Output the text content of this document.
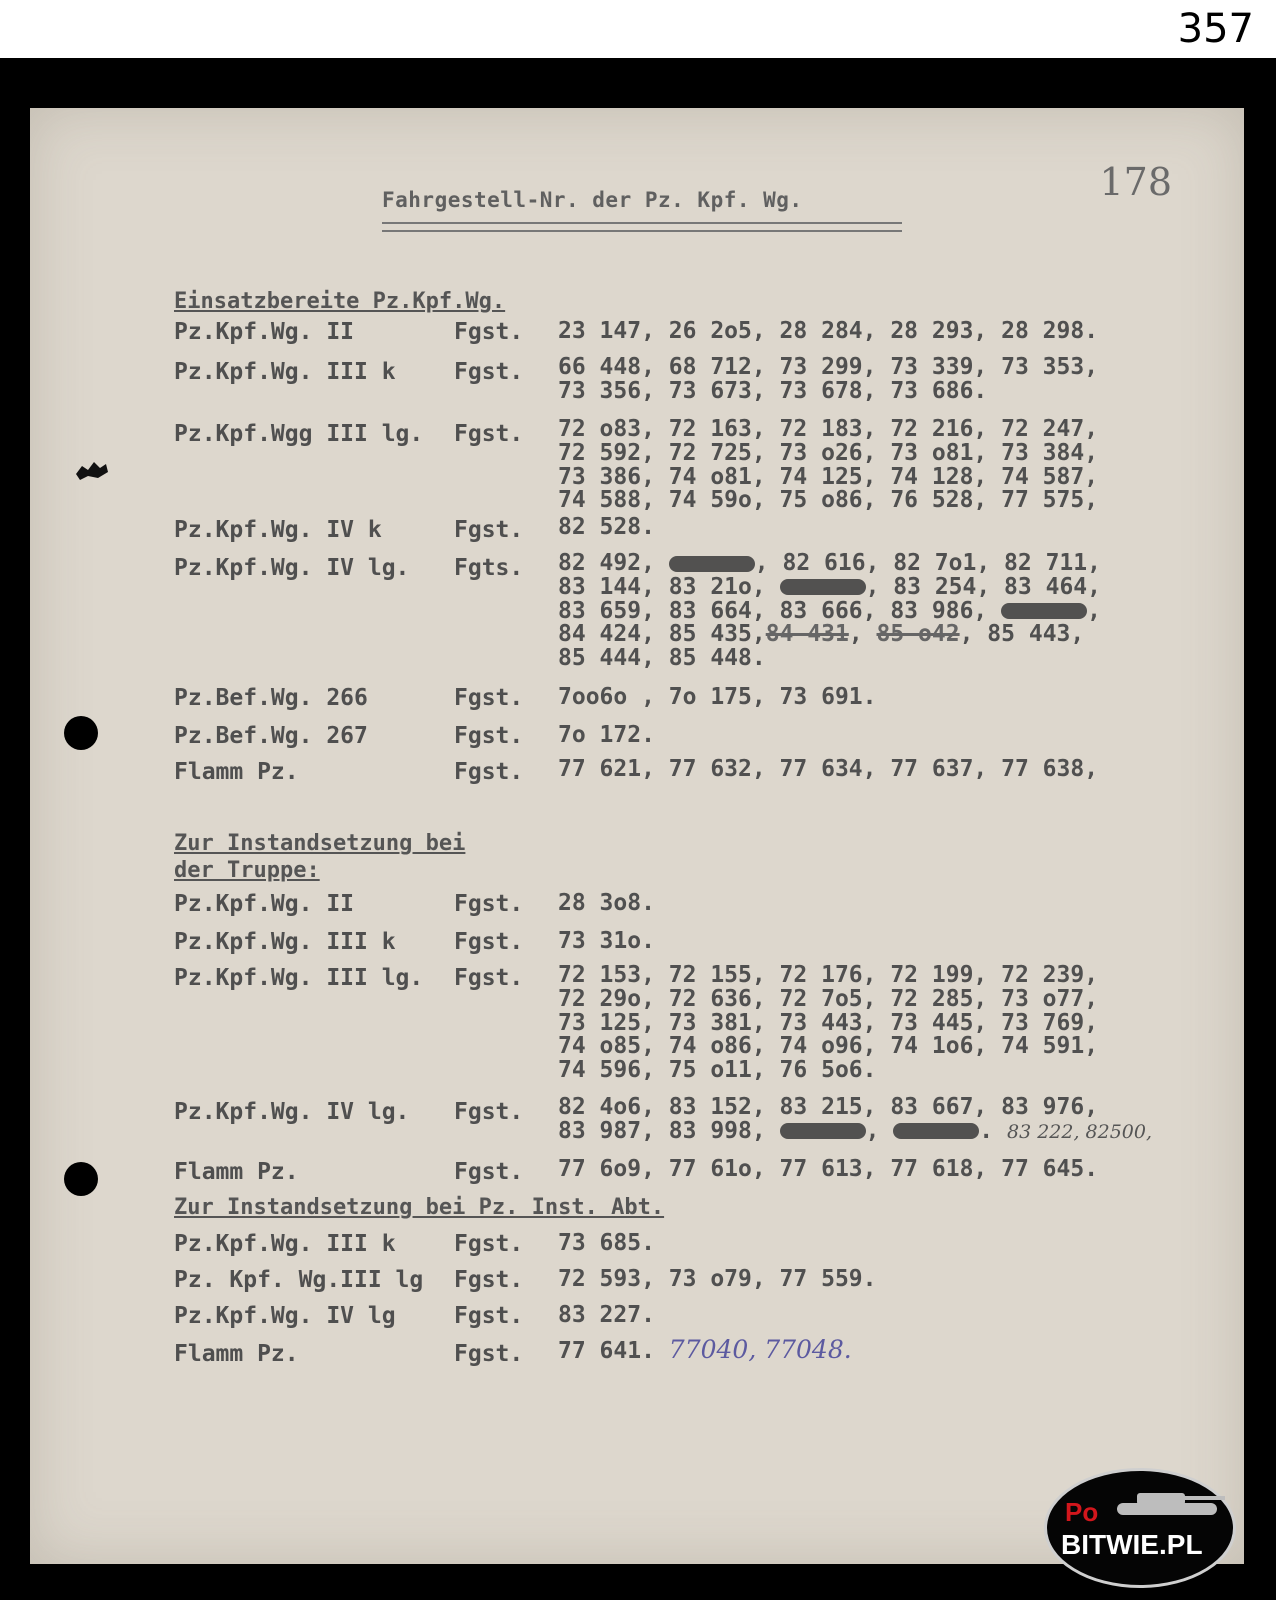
357
178
Fahrgestell-Nr. der Pz. Kpf. Wg.
Einsatzbereite Pz.Kpf.Wg.
Pz.Kpf.Wg. II	Fgst. 23 147, 26 2o5, 28 284, 28 293, 28 298.
Pz.Kpf.Wg. III k	Fgst. 66 448, 68 712, 73 299, 73 339, 73 353,
73 356, 73 673, 73 678, 73 686.
Pz.Kpf.Wgg III lg.	Fgst. 72 o83, 72 163, 72 183, 72 216, 72 247,
72 592, 72 725, 73 o26, 73 o81, 73 384,
73 386, 74 o81, 74 125, 74 128, 74 587,
74 588, 74 59o, 75 o86, 76 528, 77 575,
Pz.Kpf.Wg. IV k	Fgst. 82 528.
Pz.Kpf.Wg. IV lg.	Fgts. 82 492,	, 82 616, 82 7o1, 82 711,
83 144, 83 21o,	, 83 254, 83 464,
83 659, 83 664, 83 666, 83 986,	,
84 424, 85 435,84 431, 85 o42, 85 443,
85 444, 85 448.
Pz.Bef.Wg. 266	Fgst. 7oo6o , 7o 175, 73 691.
Pz.Bef.Wg. 267	Fgst. 7o 172.
Flamm Pz.	Fgst. 77 621, 77 632, 77 634, 77 637, 77 638,
Zur Instandsetzung bei
der Truppe:
Pz.Kpf.Wg. II	Fgst. 28 3o8.
Pz.Kpf.Wg. III k	Fgst. 73 31o.
Pz.Kpf.Wg. III lg.	Fgst. 72 153, 72 155, 72 176, 72 199, 72 239,
72 29o, 72 636, 72 7o5, 72 285, 73 o77,
73 125, 73 381, 73 443, 73 445, 73 769,
74 o85, 74 o86, 74 o96, 74 1o6, 74 591,
74 596, 75 o11, 76 5o6.
Pz.Kpf.Wg. IV lg.	Fgst. 82 4o6, 83 152, 83 215, 83 667, 83 976,
83 987, 83 998,	,	. 83 222, 82500,
Flamm Pz.	Fgst. 77 6o9, 77 61o, 77 613, 77 618, 77 645.
Zur Instandsetzung bei Pz. Inst. Abt.
Pz.Kpf.Wg. III k	Fgst. 73 685.
Pz. Kpf. Wg.III lg	Fgst. 72 593, 73 o79, 77 559.
Pz.Kpf.Wg. IV lg	Fgst. 83 227.
Flamm Pz.	Fgst. 77 641. 77040, 77048.
Po
BITWIE.PL
